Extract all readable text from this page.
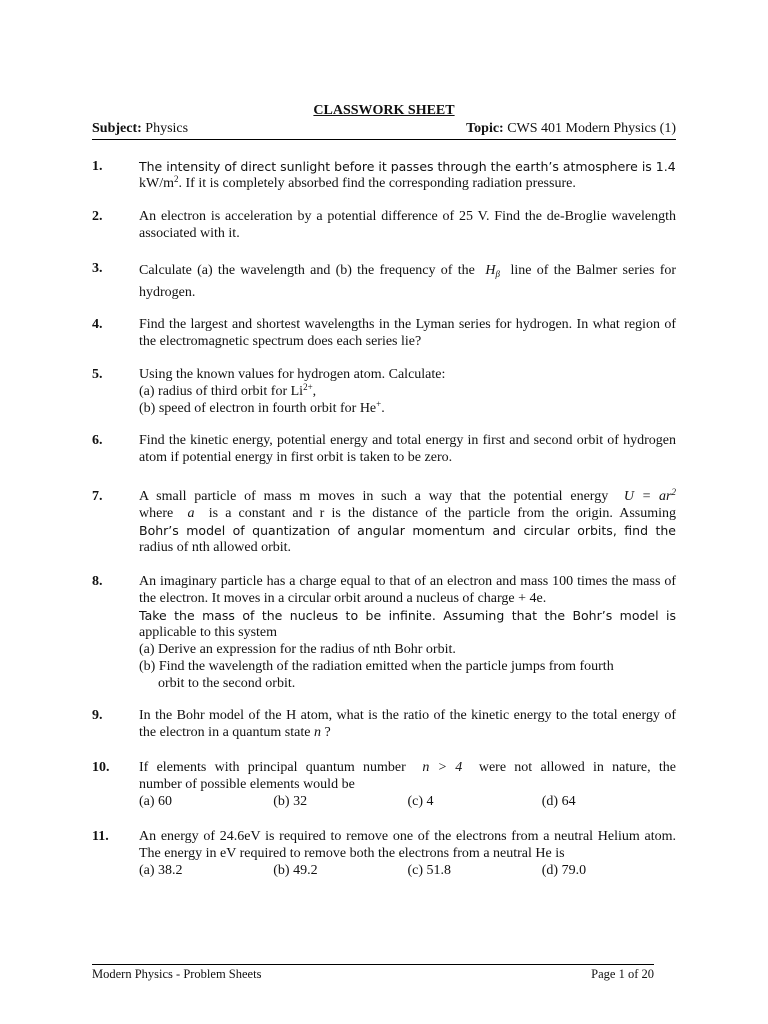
CLASSWORK SHEET
Subject: Physics	Topic: CWS 401 Modern Physics (1)
1.	The intensity of direct sunlight before it passes through the earth’s atmosphere is 1.4

$kW/m^2$. If it is completely absorbed find the corresponding radiation pressure.

2.	An electron is acceleration by a potential difference of 25 V. Find the de-Broglie wavelength associated with it.

3.	Calculate (a) the wavelength and (b) the frequency of the $H_\beta$ line of the Balmer series for hydrogen.

4.	Find the largest and shortest wavelengths in the Lyman series for hydrogen. In what region of the electromagnetic spectrum does each series lie?

5.	Using the known values for hydrogen atom. Calculate:

(a) radius of third orbit for $Li^{2+}$,

(b) speed of electron in fourth orbit for He+.

6.	Find the kinetic energy, potential energy and total energy in first and second orbit of hydrogen atom if potential energy in first orbit is taken to be zero.

7.	A small particle of mass m moves in such a way that the potential energy $U = ar^2$

where a is a constant and r is the distance of the particle from the origin. Assuming

Bohr’s model of quantization of angular momentum and circular orbits, find the

radius of nth allowed orbit.

8.	An imaginary particle has a charge equal to that of an electron and mass 100 times the mass of the electron. It moves in a circular orbit around a nucleus of charge + 4e.

Take the mass of the nucleus to be infinite. Assuming that the Bohr’s model is

applicable to this system

(a) Derive an expression for the radius of nth Bohr orbit.

(b) Find the wavelength of the radiation emitted when the particle jumps from fourth

orbit to the second orbit.

9.	In the Bohr model of the H atom, what is the ratio of the kinetic energy to the total energy of the electron in a quantum state n ?

10.	If elements with principal quantum number n > 4 were not allowed in nature, the

number of possible elements would be

(a) 60	(b) 32	(c) 4	(d) 64
11.	An energy of 24.6eV is required to remove one of the electrons from a neutral Helium atom. The energy in eV required to remove both the electrons from a neutral He is

(a) 38.2	(b) 49.2	(c) 51.8	(d) 79.0
Modern Physics - Problem Sheets	Page 1 of 20
